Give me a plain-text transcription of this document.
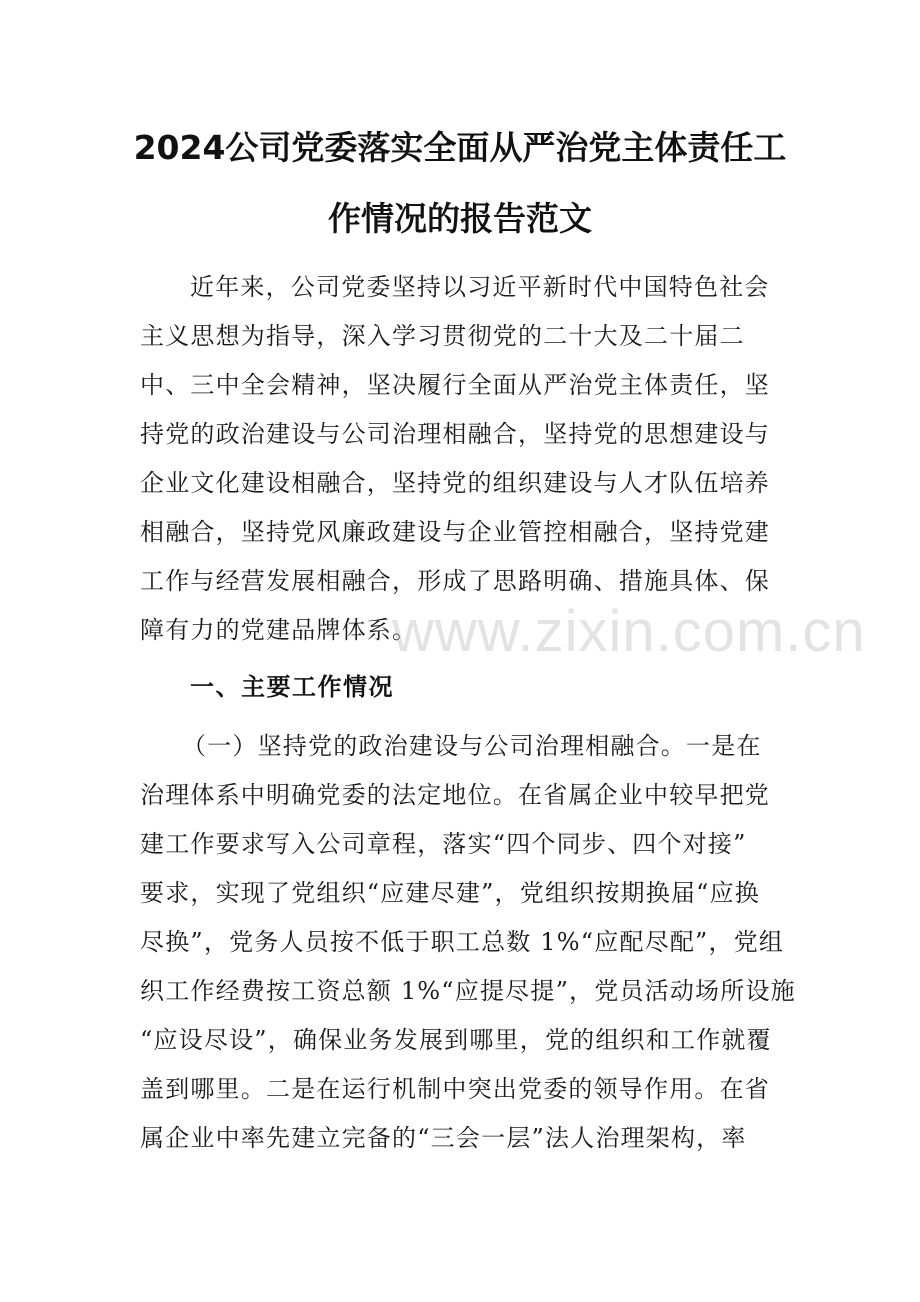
2024公司党委落实全面从严治党主体责任工
作情况的报告范文
近年来，公司党委坚持以习近平新时代中国特色社会
主义思想为指导，深入学习贯彻党的二十大及二十届二
中、三中全会精神，坚决履行全面从严治党主体责任，坚
持党的政治建设与公司治理相融合，坚持党的思想建设与
企业文化建设相融合，坚持党的组织建设与人才队伍培养
相融合，坚持党风廉政建设与企业管控相融合，坚持党建
工作与经营发展相融合，形成了思路明确、措施具体、保
障有力的党建品牌体系。
一、主要工作情况
（一）坚持党的政治建设与公司治理相融合。一是在
治理体系中明确党委的法定地位。在省属企业中较早把党
建工作要求写入公司章程，落实“四个同步、四个对接”
要求，实现了党组织“应建尽建”，党组织按期换届“应换
尽换”，党务人员按不低于职工总数 1%“应配尽配”，党组
织工作经费按工资总额 1%“应提尽提”，党员活动场所设施
“应设尽设”，确保业务发展到哪里，党的组织和工作就覆
盖到哪里。二是在运行机制中突出党委的领导作用。在省
属企业中率先建立完备的“三会一层”法人治理架构，率
www.zixin.com.cn
